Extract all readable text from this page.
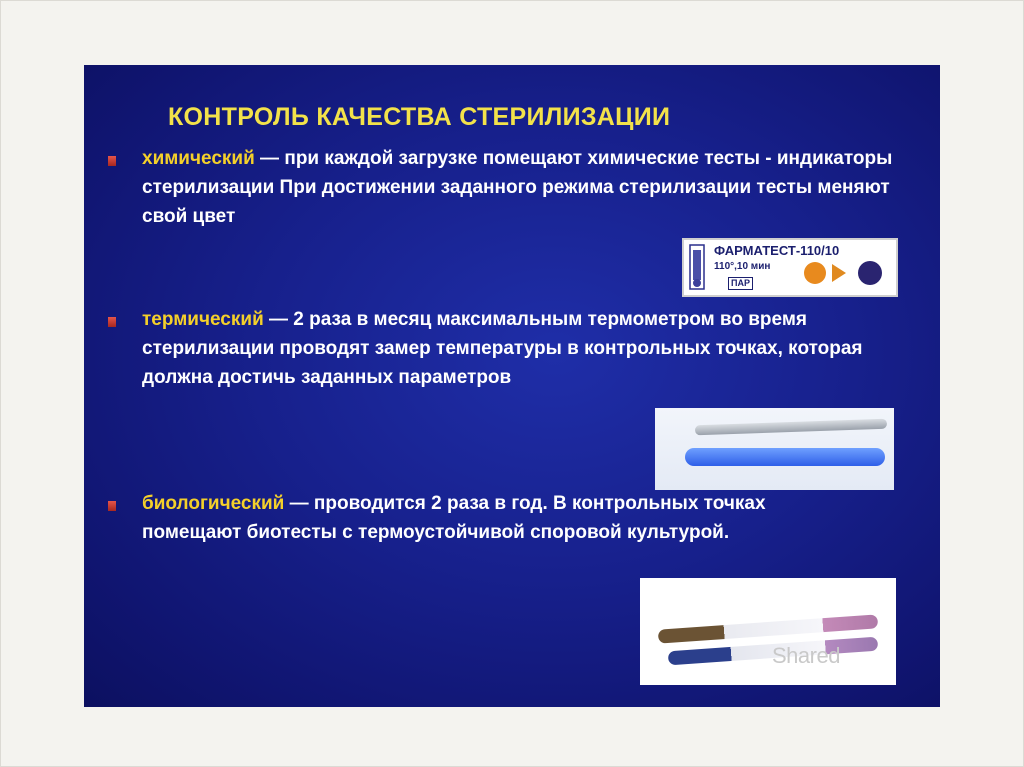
КОНТРОЛЬ КАЧЕСТВА СТЕРИЛИЗАЦИИ
химический — при каждой загрузке помещают химические тесты - индикаторы стерилизации При достижении заданного режима стерилизации тесты меняют свой цвет
ФАРМАТЕСТ-110/10
110°,10 мин
ПАР
термический — 2 раза в месяц максимальным термометром во время стерилизации проводят замер температуры в контрольных точках, которая должна достичь заданных параметров
биологический — проводится 2 раза в год. В контрольных точках помещают биотесты с термоустойчивой споровой культурой.
Shared
